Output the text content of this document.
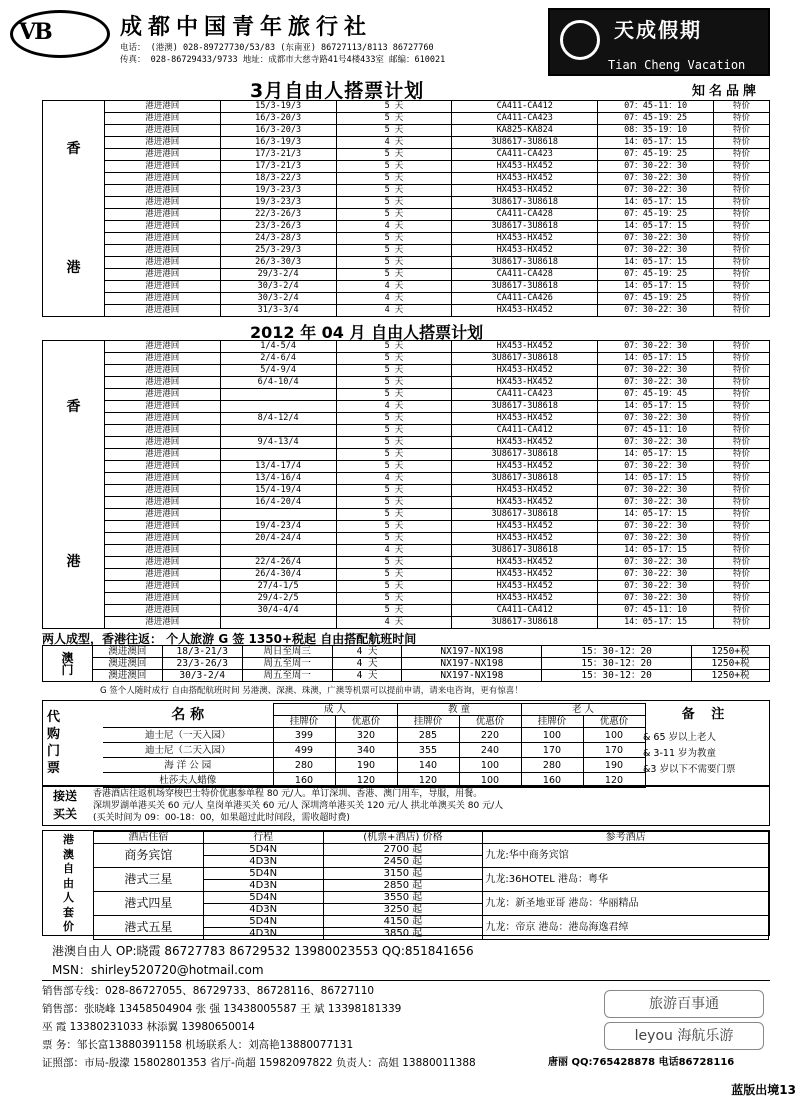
VB	成都中国青年旅行社
电话： (港澳) 028-89727730/53/83 (东南亚) 86727113/8113 86727760
传真： 028-86729433/9733 地址：成都市大慈寺路41号4楼433室 邮编：610021
天成假期
Tian Cheng Vacation
3月自由人搭票计划	知名品牌
香
港	港进港回	15/3-19/3	5 天	CA411-CA412	07：45-11：10	特价
	港进港回	16/3-20/3	5 天	CA411-CA423	07：45-19：25	特价
	港进港回	16/3-20/3	5 天	KA825-KA824	08：35-19：10	特价
	港进港回	16/3-19/3	4 天	3U8617-3U8618	14：05-17：15	特价
	港进港回	17/3-21/3	5 天	CA411-CA423	07：45-19：25	特价
	港进港回	17/3-21/3	5 天	HX453-HX452	07：30-22：30	特价
	港进港回	18/3-22/3	5 天	HX453-HX452	07：30-22：30	特价
	港进港回	19/3-23/3	5 天	HX453-HX452	07：30-22：30	特价
	港进港回	19/3-23/3	5 天	3U8617-3U8618	14：05-17：15	特价
	港进港回	22/3-26/3	5 天	CA411-CA428	07：45-19：25	特价
	港进港回	23/3-26/3	4 天	3U8617-3U8618	14：05-17：15	特价
	港进港回	24/3-28/3	5 天	HX453-HX452	07：30-22：30	特价
	港进港回	25/3-29/3	5 天	HX453-HX452	07：30-22：30	特价
	港进港回	26/3-30/3	5 天	3U8617-3U8618	14：05-17：15	特价
	港进港回	29/3-2/4	5 天	CA411-CA428	07：45-19：25	特价
	港进港回	30/3-2/4	4 天	3U8617-3U8618	14：05-17：15	特价
	港进港回	30/3-2/4	4 天	CA411-CA426	07：45-19：25	特价
	港进港回	31/3-3/4	4 天	HX453-HX452	07：30-22：30	特价
2012 年 04 月 自由人搭票计划
香
港	港进港回	1/4-5/4	5 天	HX453-HX452	07：30-22：30	特价
	港进港回	2/4-6/4	5 天	3U8617-3U8618	14：05-17：15	特价
	港进港回	5/4-9/4	5 天	HX453-HX452	07：30-22：30	特价
	港进港回	6/4-10/4	5 天	HX453-HX452	07：30-22：30	特价
	港进港回		5 天	CA411-CA423	07：45-19：45	特价
	港进港回		4 天	3U8617-3U8618	14：05-17：15	特价
	港进港回	8/4-12/4	5 天	HX453-HX452	07：30-22：30	特价
	港进港回		5 天	CA411-CA412	07：45-11：10	特价
	港进港回	9/4-13/4	5 天	HX453-HX452	07：30-22：30	特价
	港进港回		5 天	3U8617-3U8618	14：05-17：15	特价
	港进港回	13/4-17/4	5 天	HX453-HX452	07：30-22：30	特价
	港进港回	13/4-16/4	4 天	3U8617-3U8618	14：05-17：15	特价
	港进港回	15/4-19/4	5 天	HX453-HX452	07：30-22：30	特价
	港进港回	16/4-20/4	5 天	HX453-HX452	07：30-22：30	特价
	港进港回		5 天	3U8617-3U8618	14：05-17：15	特价
	港进港回	19/4-23/4	5 天	HX453-HX452	07：30-22：30	特价
	港进港回	20/4-24/4	5 天	HX453-HX452	07：30-22：30	特价
	港进港回		4 天	3U8617-3U8618	14：05-17：15	特价
	港进港回	22/4-26/4	5 天	HX453-HX452	07：30-22：30	特价
	港进港回	26/4-30/4	5 天	HX453-HX452	07：30-22：30	特价
	港进港回	27/4-1/5	5 天	HX453-HX452	07：30-22：30	特价
	港进港回	29/4-2/5	5 天	HX453-HX452	07：30-22：30	特价
	港进港回	30/4-4/4	5 天	CA411-CA412	07：45-11：10	特价
	港进港回		4 天	3U8617-3U8618	14：05-17：15	特价
两人成型，香港往返： 个人旅游 G 签 1350+税起 自由搭配航班时间
澳
门	澳进澳回	18/3-21/3	周日至周三	4 天	NX197-NX198	15：30-12：20	1250+税
	澳进澳回	23/3-26/3	周五至周一	4 天	NX197-NX198	15：30-12：20	1250+税
	澳进澳回	30/3-2/4	周五至周一	4 天	NX197-NX198	15：30-12：20	1250+税
G 签个人随时成行 自由搭配航班时间 另港澳、深澳、珠澳，广澳等机票可以提前申请，请来电咨询，更有惊喜！
代
购
门
票
名 称	成 人		教 童		老 人	
	挂牌价	优惠价	挂牌价	优惠价	挂牌价	优惠价
迪士尼（一天入园）	399	320	285	220	100	100
迪士尼（二天入园）	499	340	355	240	170	170
海 洋 公 园	280	190	140	100	280	190
杜莎夫人蜡像	160	120	120	100	160	120
备 注
& 65 岁以上老人
& 3-11 岁为教童
&3 岁以下不需要门票
接送
买关
香港酒店往返机场穿梭巴士特价优惠参单程 80 元/人。单订深圳、香港、澳门用车，导服，用餐。
深圳罗湖单港买关 60 元/人 皇岗单港买关 60 元/人 深圳湾单港买关 120 元/人 拱北单澳买关 80 元/人
(买关时间为 09：00-18：00，如果超过此时间段，需收超时费)
港
澳
自
由
人
套
价
酒店住宿	行程	(机票+酒店) 价格	参考酒店
商务宾馆	5D4N	2700 起	九龙:华中商务宾馆
	4D3N	2450 起	
港式三星	5D4N	3150 起	九龙:36HOTEL 港岛：粤华
	4D3N	2850 起	
港式四星	5D4N	3550 起	九龙：新圣地亚哥 港岛：华丽精品
	4D3N	3250 起	
港式五星	5D4N	4150 起	九龙：帝京 港岛：港岛海逸君绰
	4D3N	3850 起	
港澳自由人 OP:晓霞 86727783 86729532 13980023553 QQ:851841656
MSN：shirley520720@hotmail.com
销售部专线：028-86727055、86729733、86728116、86727110
销售部：张晓峰 13458504904 张 强 13438005587 王 斌 13398181339
巫 霞 13380231033 林添翼 13980650014
票 务：邹长富13880391158 机场联系人：刘高艳13880077131
证照部：市局-殷濛 15802801353 省厅-尚超 15982097822 负责人：高姐 13880011388	唐丽 QQ:765428878 电话86728116
旅游百事通
leyou 海航乐游
蓝版出境13
